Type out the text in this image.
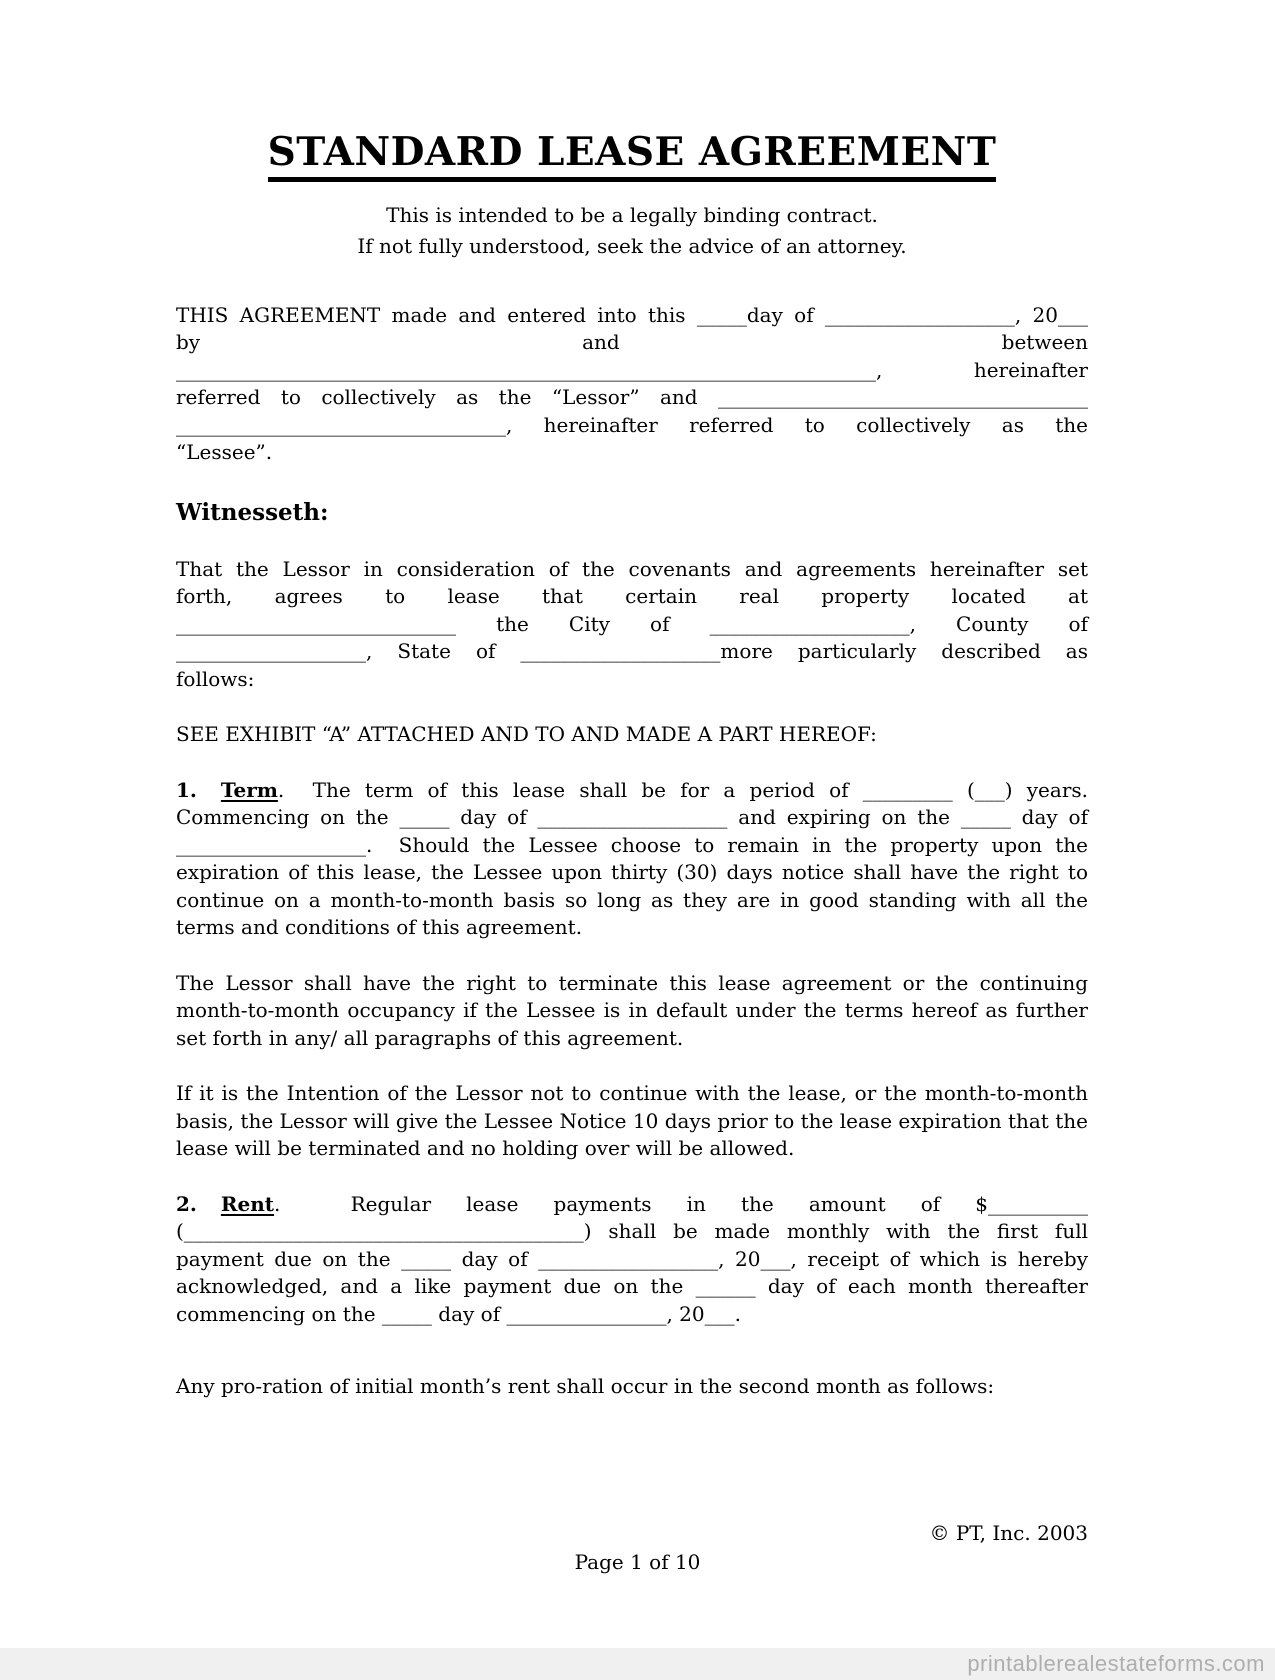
STANDARD LEASE AGREEMENT
This is intended to be a legally binding contract.
If not fully understood, seek the advice of an attorney.
THIS AGREEMENT made and entered into this _____day of ___________________, 20___
by and between
______________________________________________________________________, hereinafter
referred to collectively as the “Lessor” and _____________________________________
_________________________________, hereinafter referred to collectively as the
“Lessee”.
Witnesseth:
That the Lessor in consideration of the covenants and agreements hereinafter set
forth, agrees to lease that certain real property located at
____________________________ the City of ____________________, County of
___________________, State of ____________________more particularly described as
follows:

SEE EXHIBIT “A” ATTACHED AND TO AND MADE A PART HEREOF:

1. Term.  The term of this lease shall be for a period of _________ (___) years. Commencing on the _____ day of ___________________ and expiring on the _____ day of ___________________.  Should the Lessee choose to remain in the property upon the expiration of this lease, the Lessee upon thirty (30) days notice shall have the right to continue on a month-to-month basis so long as they are in good standing with all the terms and conditions of this agreement.

The Lessor shall have the right to terminate this lease agreement or the continuing month-to-month occupancy if the Lessee is in default under the terms hereof as further set forth in any/ all paragraphs of this agreement.

If it is the Intention of the Lessor not to continue with the lease, or the month-to-month basis, the Lessor will give the Lessee Notice 10 days prior to the lease expiration that the lease will be terminated and no holding over will be allowed.

2. Rent.  Regular lease payments in the amount of $__________ (________________________________________) shall be made monthly with the first full payment due on the _____ day of __________________, 20___, receipt of which is hereby acknowledged, and a like payment due on the ______ day of each month thereafter commencing on the _____ day of ________________, 20___.

Any pro-ration of initial month’s rent shall occur in the second month as follows:

© PT, Inc. 2003
Page 1 of 10
printablerealestateforms.com
